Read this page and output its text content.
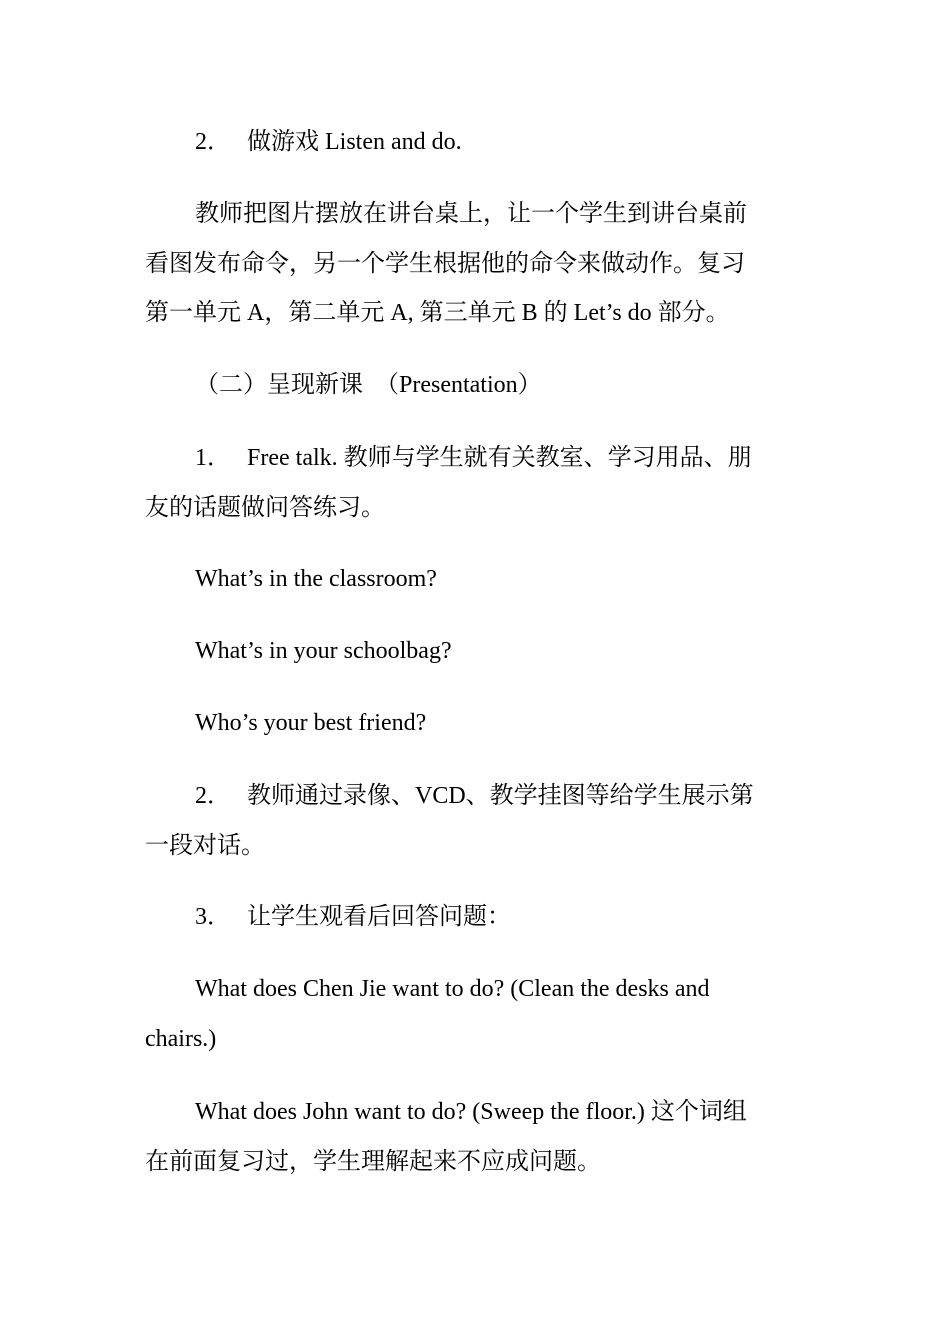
2． 做游戏 Listen and do.
教师把图片摆放在讲台桌上，让一个学生到讲台桌前
看图发布命令，另一个学生根据他的命令来做动作。复习
第一单元 A，第二单元 A, 第三单元 B 的 Let’s do 部分。
（二）呈现新课　（Presentation）
1． Free talk. 教师与学生就有关教室、学习用品、朋
友的话题做问答练习。
What’s in the classroom?
What’s in your schoolbag?
Who’s your best friend?
2． 教师通过录像、VCD、教学挂图等给学生展示第
一段对话。
3． 让学生观看后回答问题：
What does Chen Jie want to do? (Clean the desks and
chairs.)
What does John want to do? (Sweep the floor.) 这个词组
在前面复习过，学生理解起来不应成问题。
